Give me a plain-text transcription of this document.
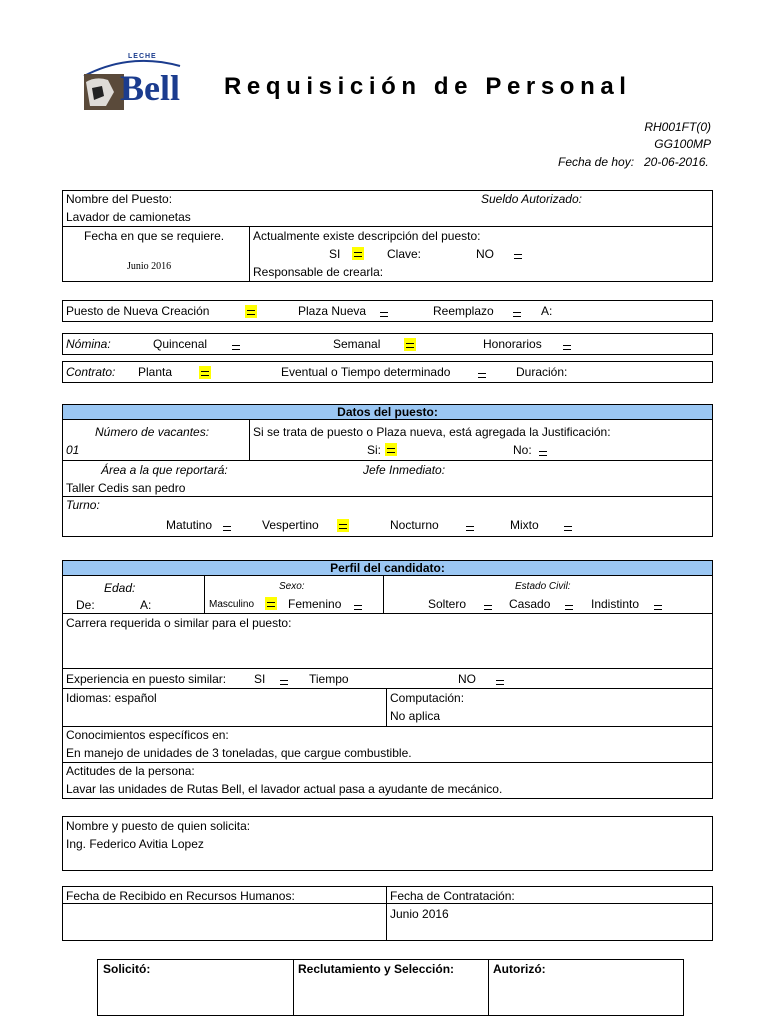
LECHE
Bell Requisición de Personal
RH001FT(0)
GG100MP
Fecha de hoy: 20-06-2016.
Nombre del Puesto:
Lavador de camionetas
Sueldo Autorizado:
Fecha en que se requiere.
Junio 2016
Actualmente existe descripción del puesto:
SI	Clave:	NO
Responsable de crearla:
Puesto de Nueva Creación	Plaza Nueva	Reemplazo	A:
Nómina:	Quincenal	Semanal	Honorarios
Contrato: Planta	Eventual o Tiempo determinado	Duración:
Datos del puesto:
Número de vacantes:
01
Si se trata de puesto o Plaza nueva, está agregada la Justificación:
Si:	No:
Área a la que reportará:
Taller Cedis san pedro
Jefe Inmediato:
Turno:
Matutino	Vespertino	Nocturno	Mixto
Perfil del candidato:
Edad:
De:	A:
Sexo:
Masculino	Femenino
Estado Civil:
Soltero	Casado	Indistinto
Carrera requerida o similar para el puesto:
Experiencia en puesto similar: SI	Tiempo	NO
Idiomas: español	Computación:
No aplica
Conocimientos específicos en:
En manejo de unidades de 3 toneladas, que cargue combustible.
Actitudes de la persona:
Lavar las unidades de Rutas Bell, el lavador actual pasa a ayudante de mecánico.
Nombre y puesto de quien solicita:
Ing. Federico Avitia Lopez
Fecha de Recibido en Recursos Humanos:	Fecha de Contratación:
Junio 2016
Solicitó:	Reclutamiento y Selección:	Autorizó:
